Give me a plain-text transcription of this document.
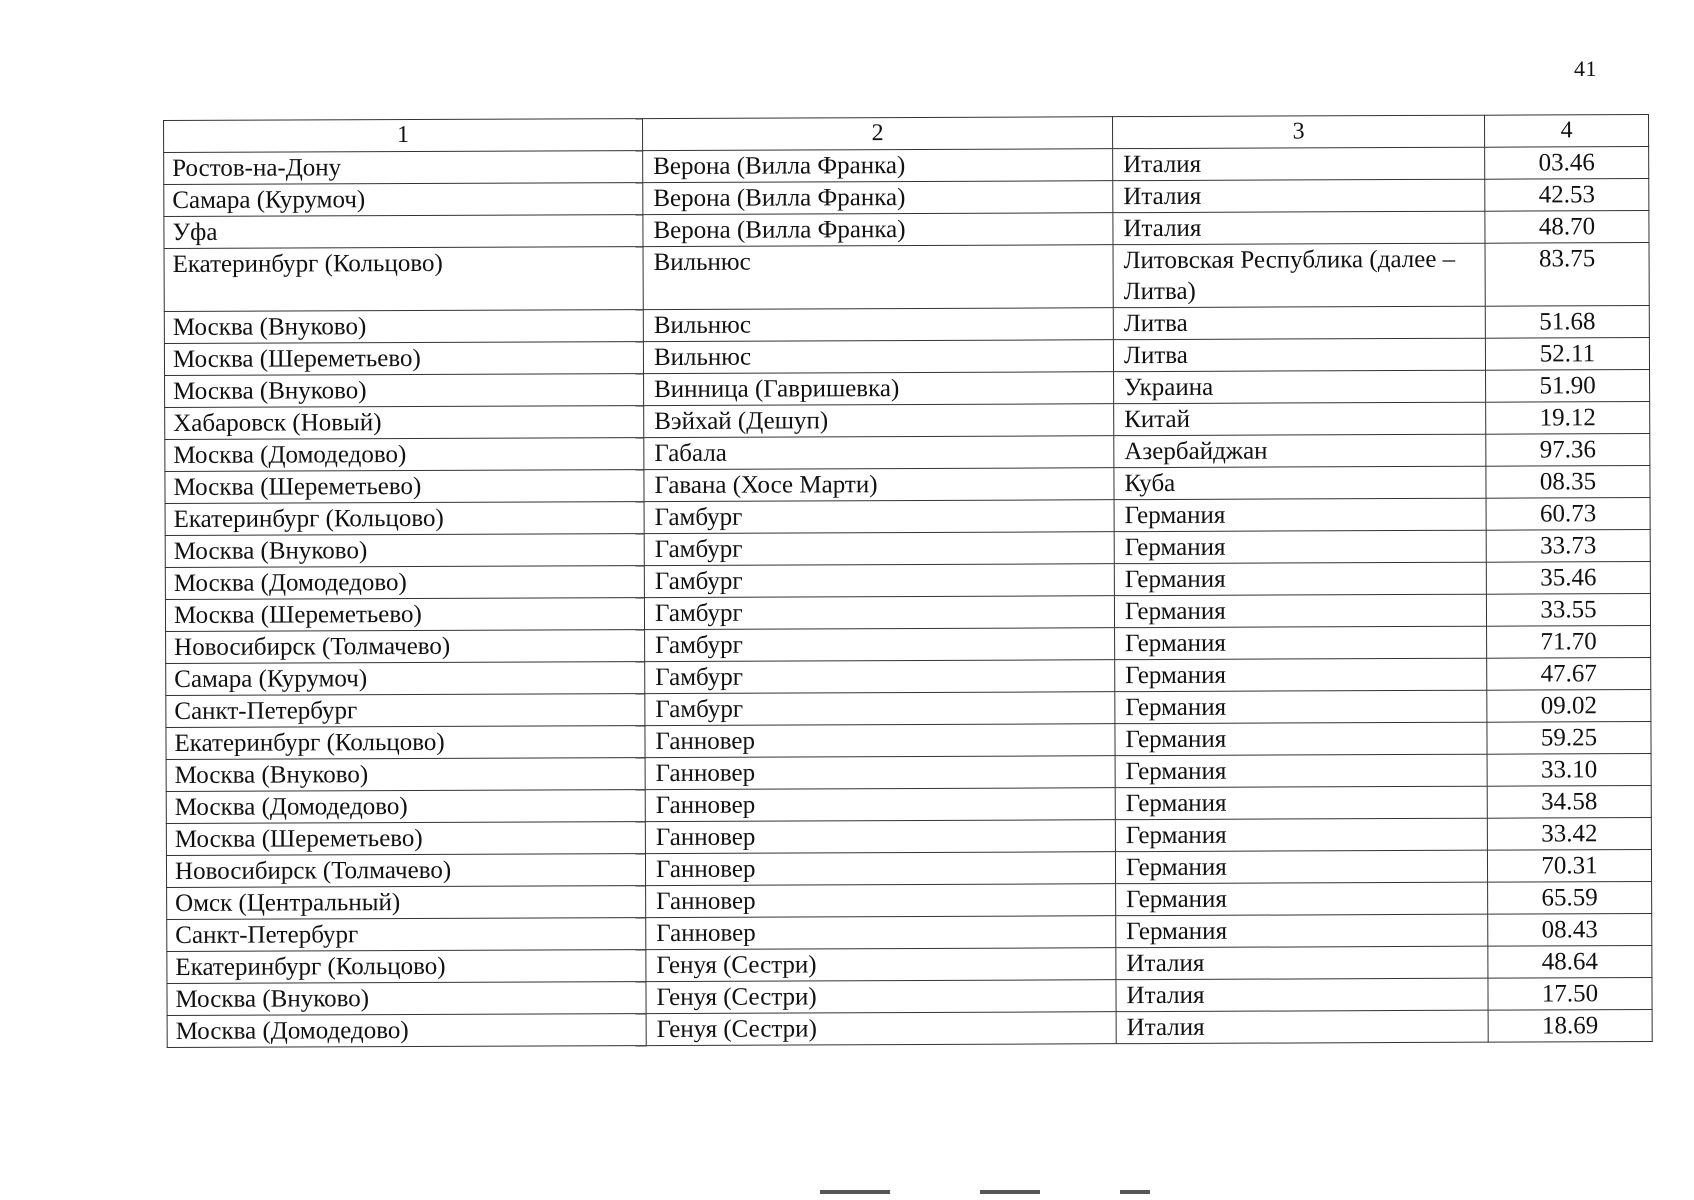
41
1	2	3	4
Ростов-на-Дону	Верона (Вилла Франка)	Италия	03.46
Самара (Курумоч)	Верона (Вилла Франка)	Италия	42.53
Уфа	Верона (Вилла Франка)	Италия	48.70
Екатеринбург (Кольцово)	Вильнюс	Литовская Республика (далее – Литва)	83.75
Москва (Внуково)	Вильнюс	Литва	51.68
Москва (Шереметьево)	Вильнюс	Литва	52.11
Москва (Внуково)	Винница (Гавришевка)	Украина	51.90
Хабаровск (Новый)	Вэйхай (Дешуп)	Китай	19.12
Москва (Домодедово)	Габала	Азербайджан	97.36
Москва (Шереметьево)	Гавана (Хосе Марти)	Куба	08.35
Екатеринбург (Кольцово)	Гамбург	Германия	60.73
Москва (Внуково)	Гамбург	Германия	33.73
Москва (Домодедово)	Гамбург	Германия	35.46
Москва (Шереметьево)	Гамбург	Германия	33.55
Новосибирск (Толмачево)	Гамбург	Германия	71.70
Самара (Курумоч)	Гамбург	Германия	47.67
Санкт-Петербург	Гамбург	Германия	09.02
Екатеринбург (Кольцово)	Ганновер	Германия	59.25
Москва (Внуково)	Ганновер	Германия	33.10
Москва (Домодедово)	Ганновер	Германия	34.58
Москва (Шереметьево)	Ганновер	Германия	33.42
Новосибирск (Толмачево)	Ганновер	Германия	70.31
Омск (Центральный)	Ганновер	Германия	65.59
Санкт-Петербург	Ганновер	Германия	08.43
Екатеринбург (Кольцово)	Генуя (Сестри)	Италия	48.64
Москва (Внуково)	Генуя (Сестри)	Италия	17.50
Москва (Домодедово)	Генуя (Сестри)	Италия	18.69
